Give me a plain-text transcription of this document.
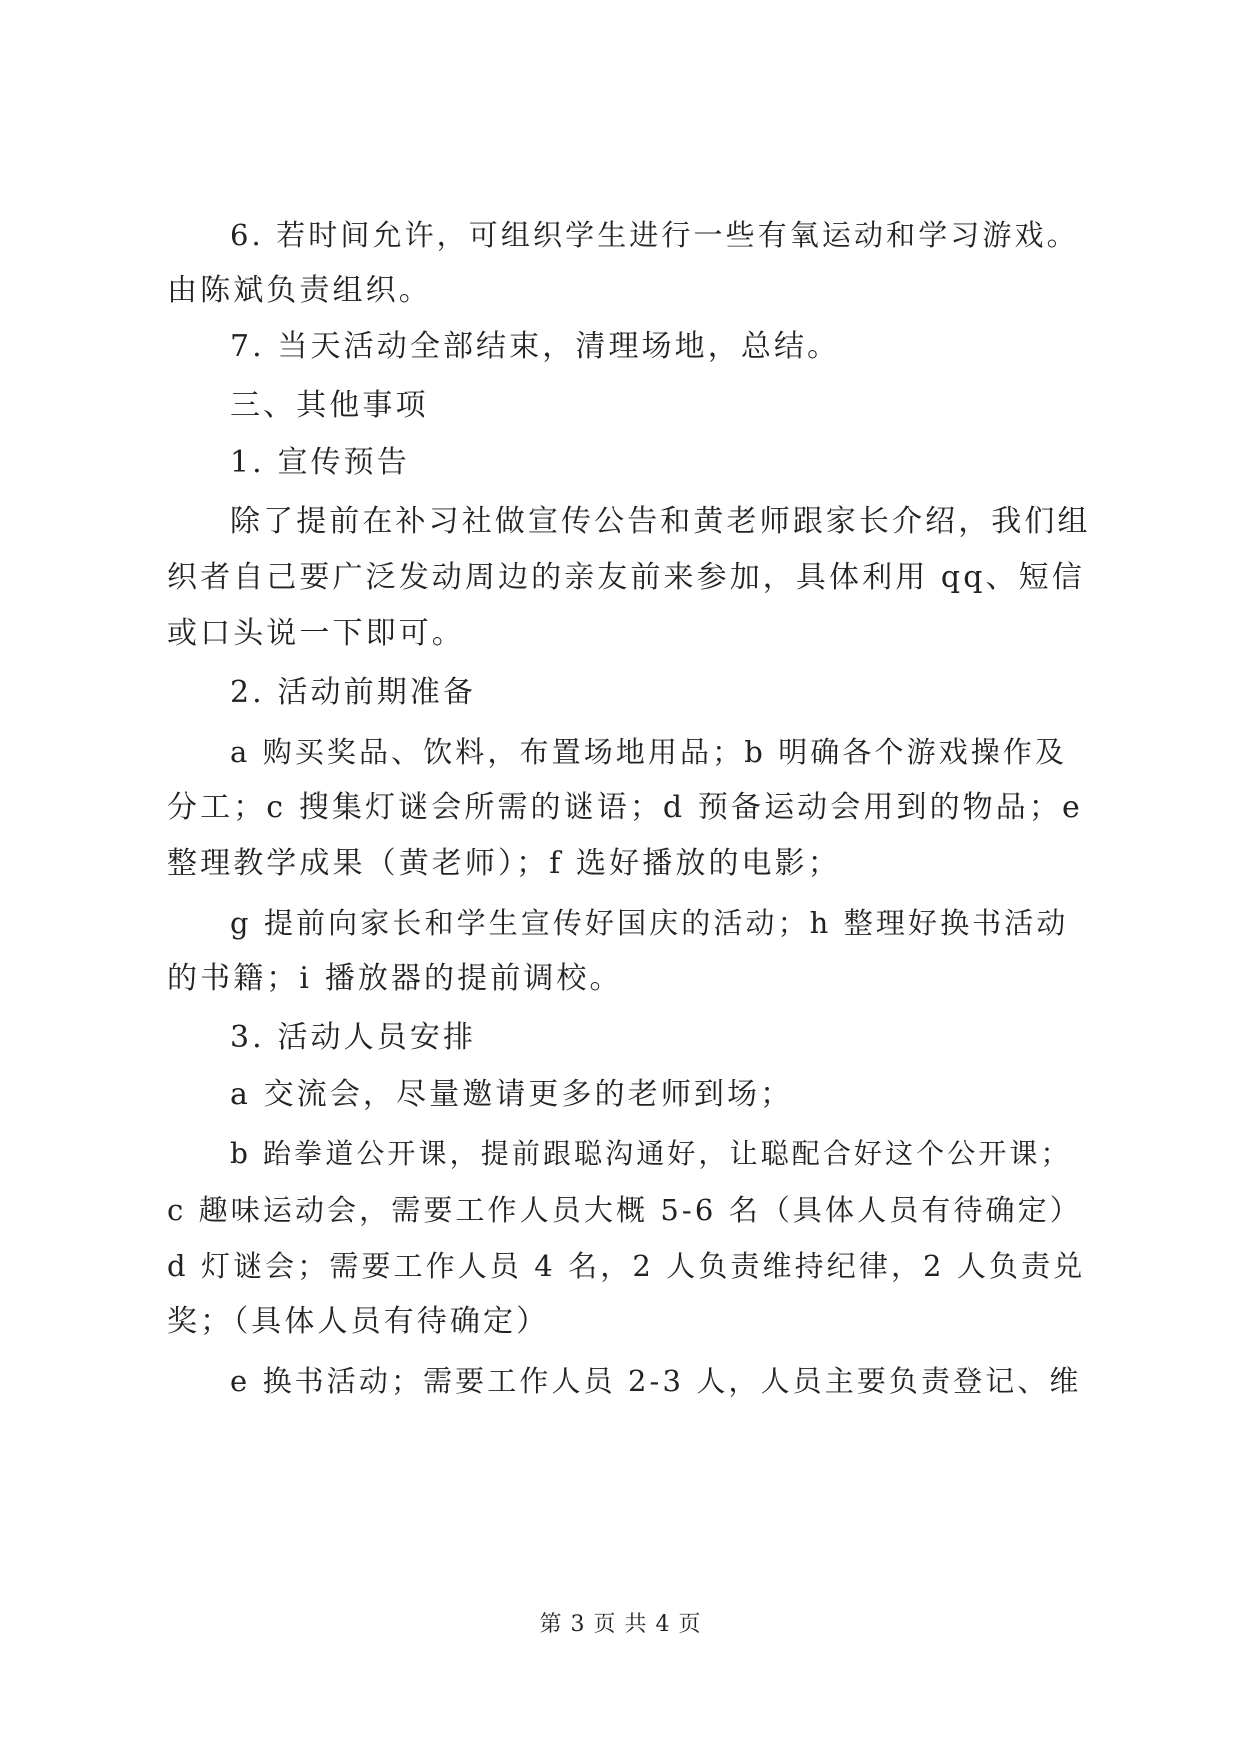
6. 若时间允许，可组织学生进行一些有氧运动和学习游戏。
由陈斌负责组织。
7. 当天活动全部结束，清理场地，总结。
三、其他事项
1. 宣传预告
除了提前在补习社做宣传公告和黄老师跟家长介绍，我们组
织者自己要广泛发动周边的亲友前来参加，具体利用 qq、短信
或口头说一下即可。
2. 活动前期准备
a 购买奖品、饮料，布置场地用品；b 明确各个游戏操作及
分工；c 搜集灯谜会所需的谜语；d 预备运动会用到的物品；e
整理教学成果（黄老师）；f 选好播放的电影；
g 提前向家长和学生宣传好国庆的活动；h 整理好换书活动
的书籍；i 播放器的提前调校。
3. 活动人员安排
a 交流会，尽量邀请更多的老师到场；
b 跆拳道公开课，提前跟聪沟通好，让聪配合好这个公开课；
c 趣味运动会，需要工作人员大概 5-6 名（具体人员有待确定）
d 灯谜会；需要工作人员 4 名，2 人负责维持纪律，2 人负责兑
奖；（具体人员有待确定）
e 换书活动；需要工作人员 2-3 人，人员主要负责登记、维
第 3 页 共 4 页
